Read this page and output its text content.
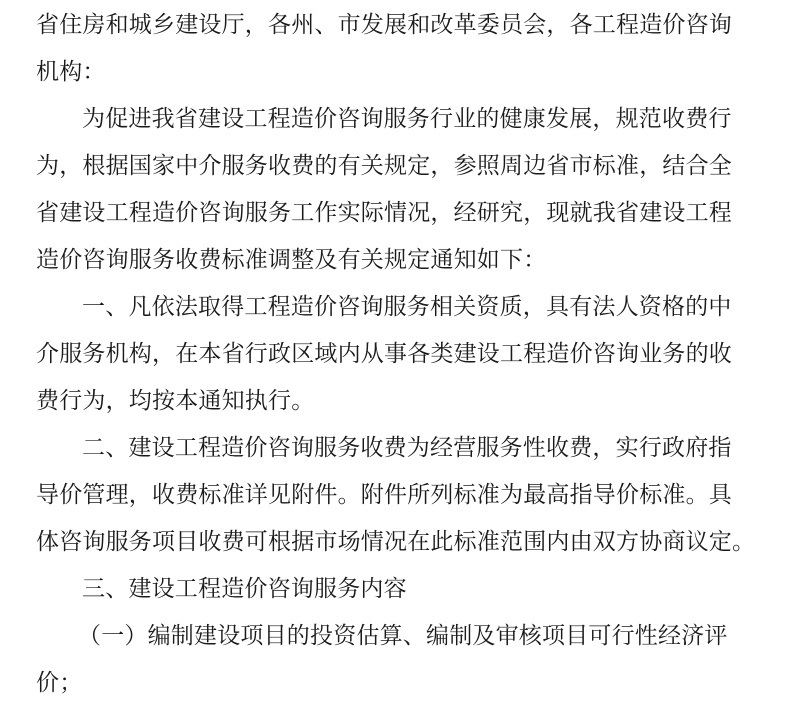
省住房和城乡建设厅，各州、市发展和改革委员会，各工程造价咨询
机构：
为促进我省建设工程造价咨询服务行业的健康发展，规范收费行
为，根据国家中介服务收费的有关规定，参照周边省市标准，结合全
省建设工程造价咨询服务工作实际情况，经研究，现就我省建设工程
造价咨询服务收费标准调整及有关规定通知如下：
一、凡依法取得工程造价咨询服务相关资质，具有法人资格的中
介服务机构，在本省行政区域内从事各类建设工程造价咨询业务的收
费行为，均按本通知执行。
二、建设工程造价咨询服务收费为经营服务性收费，实行政府指
导价管理，收费标准详见附件。附件所列标准为最高指导价标准。具
体咨询服务项目收费可根据市场情况在此标准范围内由双方协商议定。
三、建设工程造价咨询服务内容
（一）编制建设项目的投资估算、编制及审核项目可行性经济评
价；
